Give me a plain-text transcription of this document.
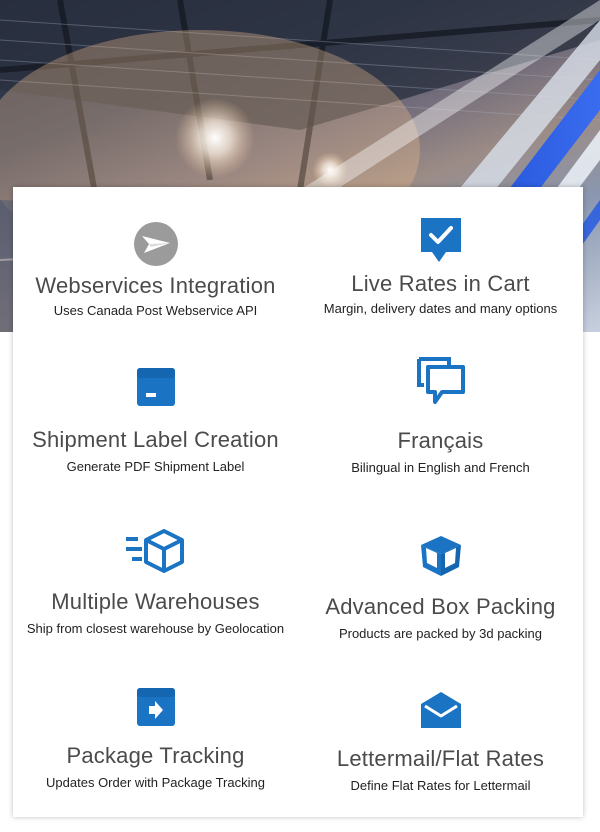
Webservices Integration
Uses Canada Post Webservice API
Live Rates in Cart
Margin, delivery dates and many options
Shipment Label Creation
Generate PDF Shipment Label
Français
Bilingual in English and French
Multiple Warehouses
Ship from closest warehouse by Geolocation
Advanced Box Packing
Products are packed by 3d packing
Package Tracking
Updates Order with Package Tracking
Lettermail/Flat Rates
Define Flat Rates for Lettermail
